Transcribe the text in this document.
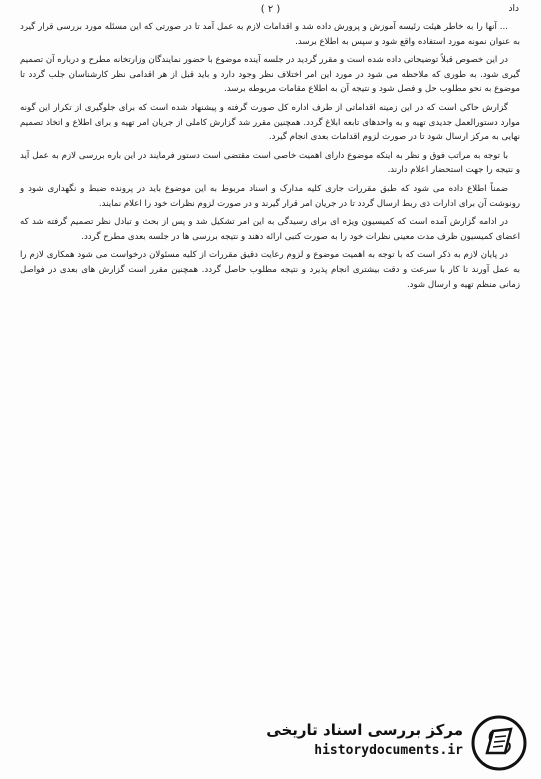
( ۲ )	داد

... آنها را به خاطر هیئت رئیسه آموزش و پرورش داده شد و اقدامات لازم به عمل آمد تا در صورتی که این مسئله مورد بررسی قرار گیرد به عنوان نمونه مورد استفاده واقع شود و سپس به اطلاع برسد.

در این خصوص قبلاً توضیحاتی داده شده است و مقرر گردید در جلسه آینده موضوع با حضور نمایندگان وزارتخانه مطرح و درباره آن تصمیم گیری شود. به طوری که ملاحظه می شود در مورد این امر اختلاف نظر وجود دارد و باید قبل از هر اقدامی نظر کارشناسان جلب گردد تا موضوع به نحو مطلوب حل و فصل شود و نتیجه آن به اطلاع مقامات مربوطه برسد.

گزارش حاکی است که در این زمینه اقداماتی از طرف اداره کل صورت گرفته و پیشنهاد شده است که برای جلوگیری از تکرار این گونه موارد دستورالعمل جدیدی تهیه و به واحدهای تابعه ابلاغ گردد. همچنین مقرر شد گزارش کاملی از جریان امر تهیه و برای اطلاع و اتخاذ تصمیم نهایی به مرکز ارسال شود تا در صورت لزوم اقدامات بعدی انجام گیرد.

با توجه به مراتب فوق و نظر به اینکه موضوع دارای اهمیت خاصی است مقتضی است دستور فرمایند در این باره بررسی لازم به عمل آید و نتیجه را جهت استحضار اعلام دارند.

ضمناً اطلاع داده می شود که طبق مقررات جاری کلیه مدارک و اسناد مربوط به این موضوع باید در پرونده ضبط و نگهداری شود و رونوشت آن برای ادارات ذی ربط ارسال گردد تا در جریان امر قرار گیرند و در صورت لزوم نظرات خود را اعلام نمایند.

در ادامه گزارش آمده است که کمیسیون ویژه ای برای رسیدگی به این امر تشکیل شد و پس از بحث و تبادل نظر تصمیم گرفته شد که اعضای کمیسیون ظرف مدت معینی نظرات خود را به صورت کتبی ارائه دهند و نتیجه بررسی ها در جلسه بعدی مطرح گردد.

در پایان لازم به ذکر است که با توجه به اهمیت موضوع و لزوم رعایت دقیق مقررات از کلیه مسئولان درخواست می شود همکاری لازم را به عمل آورند تا کار با سرعت و دقت بیشتری انجام پذیرد و نتیجه مطلوب حاصل گردد. همچنین مقرر است گزارش های بعدی در فواصل زمانی منظم تهیه و ارسال شود.

مرکز بررسی اسناد تاریخی
historydocuments.ir
